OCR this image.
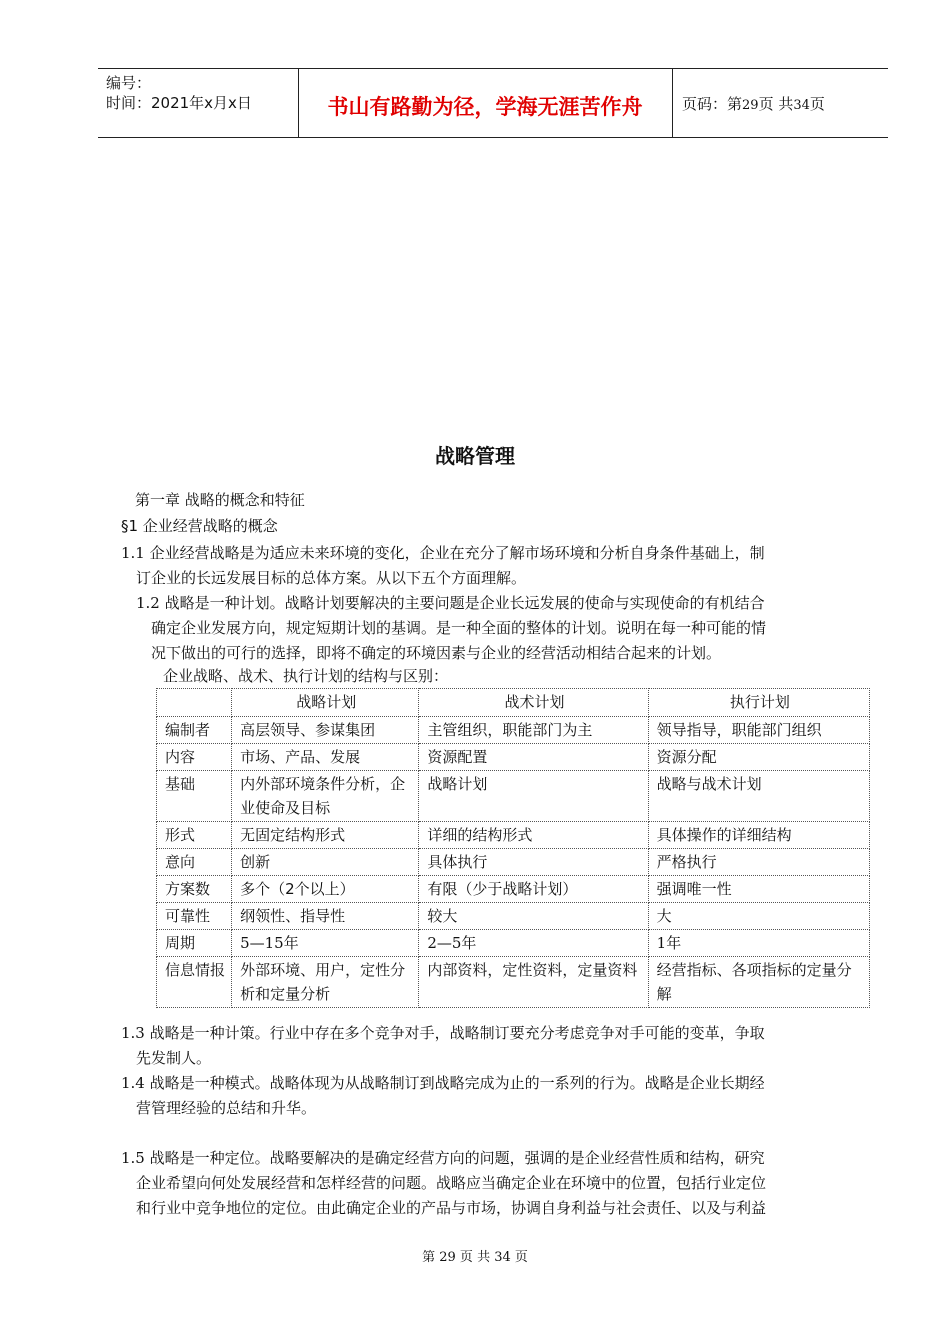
编号：
时间：2021年x月x日	书山有路勤为径，学海无涯苦作舟	页码：第29页 共34页
战略管理
第一章 战略的概念和特征
§1 企业经营战略的概念
1.1 企业经营战略是为适应未来环境的变化，企业在充分了解市场环境和分析自身条件基础上，制
订企业的长远发展目标的总体方案。从以下五个方面理解。
1.2 战略是一种计划。战略计划要解决的主要问题是企业长远发展的使命与实现使命的有机结合
确定企业发展方向，规定短期计划的基调。是一种全面的整体的计划。说明在每一种可能的情
况下做出的可行的选择，即将不确定的环境因素与企业的经营活动相结合起来的计划。
企业战略、战术、执行计划的结构与区别：
	战略计划	战术计划	执行计划
编制者	高层领导、参谋集团	主管组织，职能部门为主	领导指导，职能部门组织
内容	市场、产品、发展	资源配置	资源分配
基础	内外部环境条件分析，企业使命及目标	战略计划	战略与战术计划
形式	无固定结构形式	详细的结构形式	具体操作的详细结构
意向	创新	具体执行	严格执行
方案数	多个（2个以上）	有限（少于战略计划）	强调唯一性
可靠性	纲领性、指导性	较大	大
周期	5—15年	2—5年	1年
信息情报	外部环境、用户，定性分析和定量分析	内部资料，定性资料，定量资料	经营指标、各项指标的定量分解
1.3 战略是一种计策。行业中存在多个竞争对手，战略制订要充分考虑竞争对手可能的变革，争取
先发制人。
1.4 战略是一种模式。战略体现为从战略制订到战略完成为止的一系列的行为。战略是企业长期经
营管理经验的总结和升华。
1.5 战略是一种定位。战略要解决的是确定经营方向的问题，强调的是企业经营性质和结构，研究
企业希望向何处发展经营和怎样经营的问题。战略应当确定企业在环境中的位置，包括行业定位
和行业中竞争地位的定位。由此确定企业的产品与市场，协调自身利益与社会责任、以及与利益
第 29 页 共 34 页
